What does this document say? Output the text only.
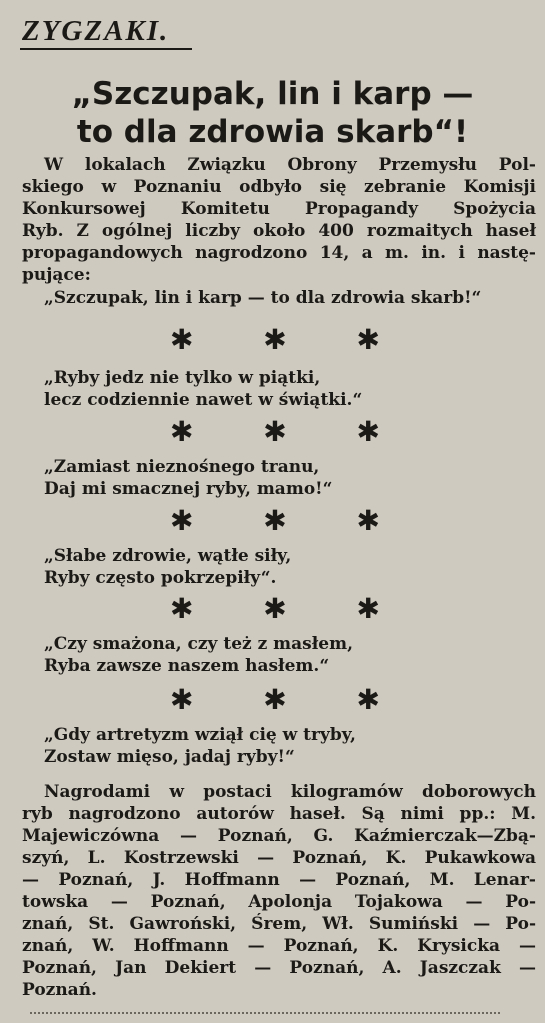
ZYGZAKI.
„Szczupak, lin i karp —
to dla zdrowia skarb“!
W lokalach Związku Obrony Przemysłu Pol-
skiego w Poznaniu odbyło się zebranie Komisji
Konkursowej Komitetu Propagandy Spożycia
Ryb. Z ogólnej liczby około 400 rozmaitych haseł
propagandowych nagrodzono 14, a m. in. i nastę-
pujące:
„Szczupak, lin i karp — to dla zdrowia skarb!“
✱ ✱ ✱
„Ryby jedz nie tylko w piątki,
lecz codziennie nawet w świątki.“
✱ ✱ ✱
„Zamiast nieznośnego tranu,
Daj mi smacznej ryby, mamo!“
✱ ✱ ✱
„Słabe zdrowie, wątłe siły,
Ryby często pokrzepiły“.
✱ ✱ ✱
„Czy smażona, czy też z masłem,
Ryba zawsze naszem hasłem.“
✱ ✱ ✱
„Gdy artretyzm wziął cię w tryby,
Zostaw mięso, jadaj ryby!“
Nagrodami w postaci kilogramów doborowych
ryb nagrodzono autorów haseł. Są nimi pp.: M.
Majewiczówna — Poznań, G. Kaźmierczak—Zbą-
szyń, L. Kostrzewski — Poznań, K. Pukawkowa
— Poznań, J. Hoffmann — Poznań, M. Lenar-
towska — Poznań, Apolonja Tojakowa — Po-
znań, St. Gawroński, Śrem, Wł. Sumiński — Po-
znań, W. Hoffmann — Poznań, K. Krysicka —
Poznań, Jan Dekiert — Poznań, A. Jaszczak —
Poznań.
